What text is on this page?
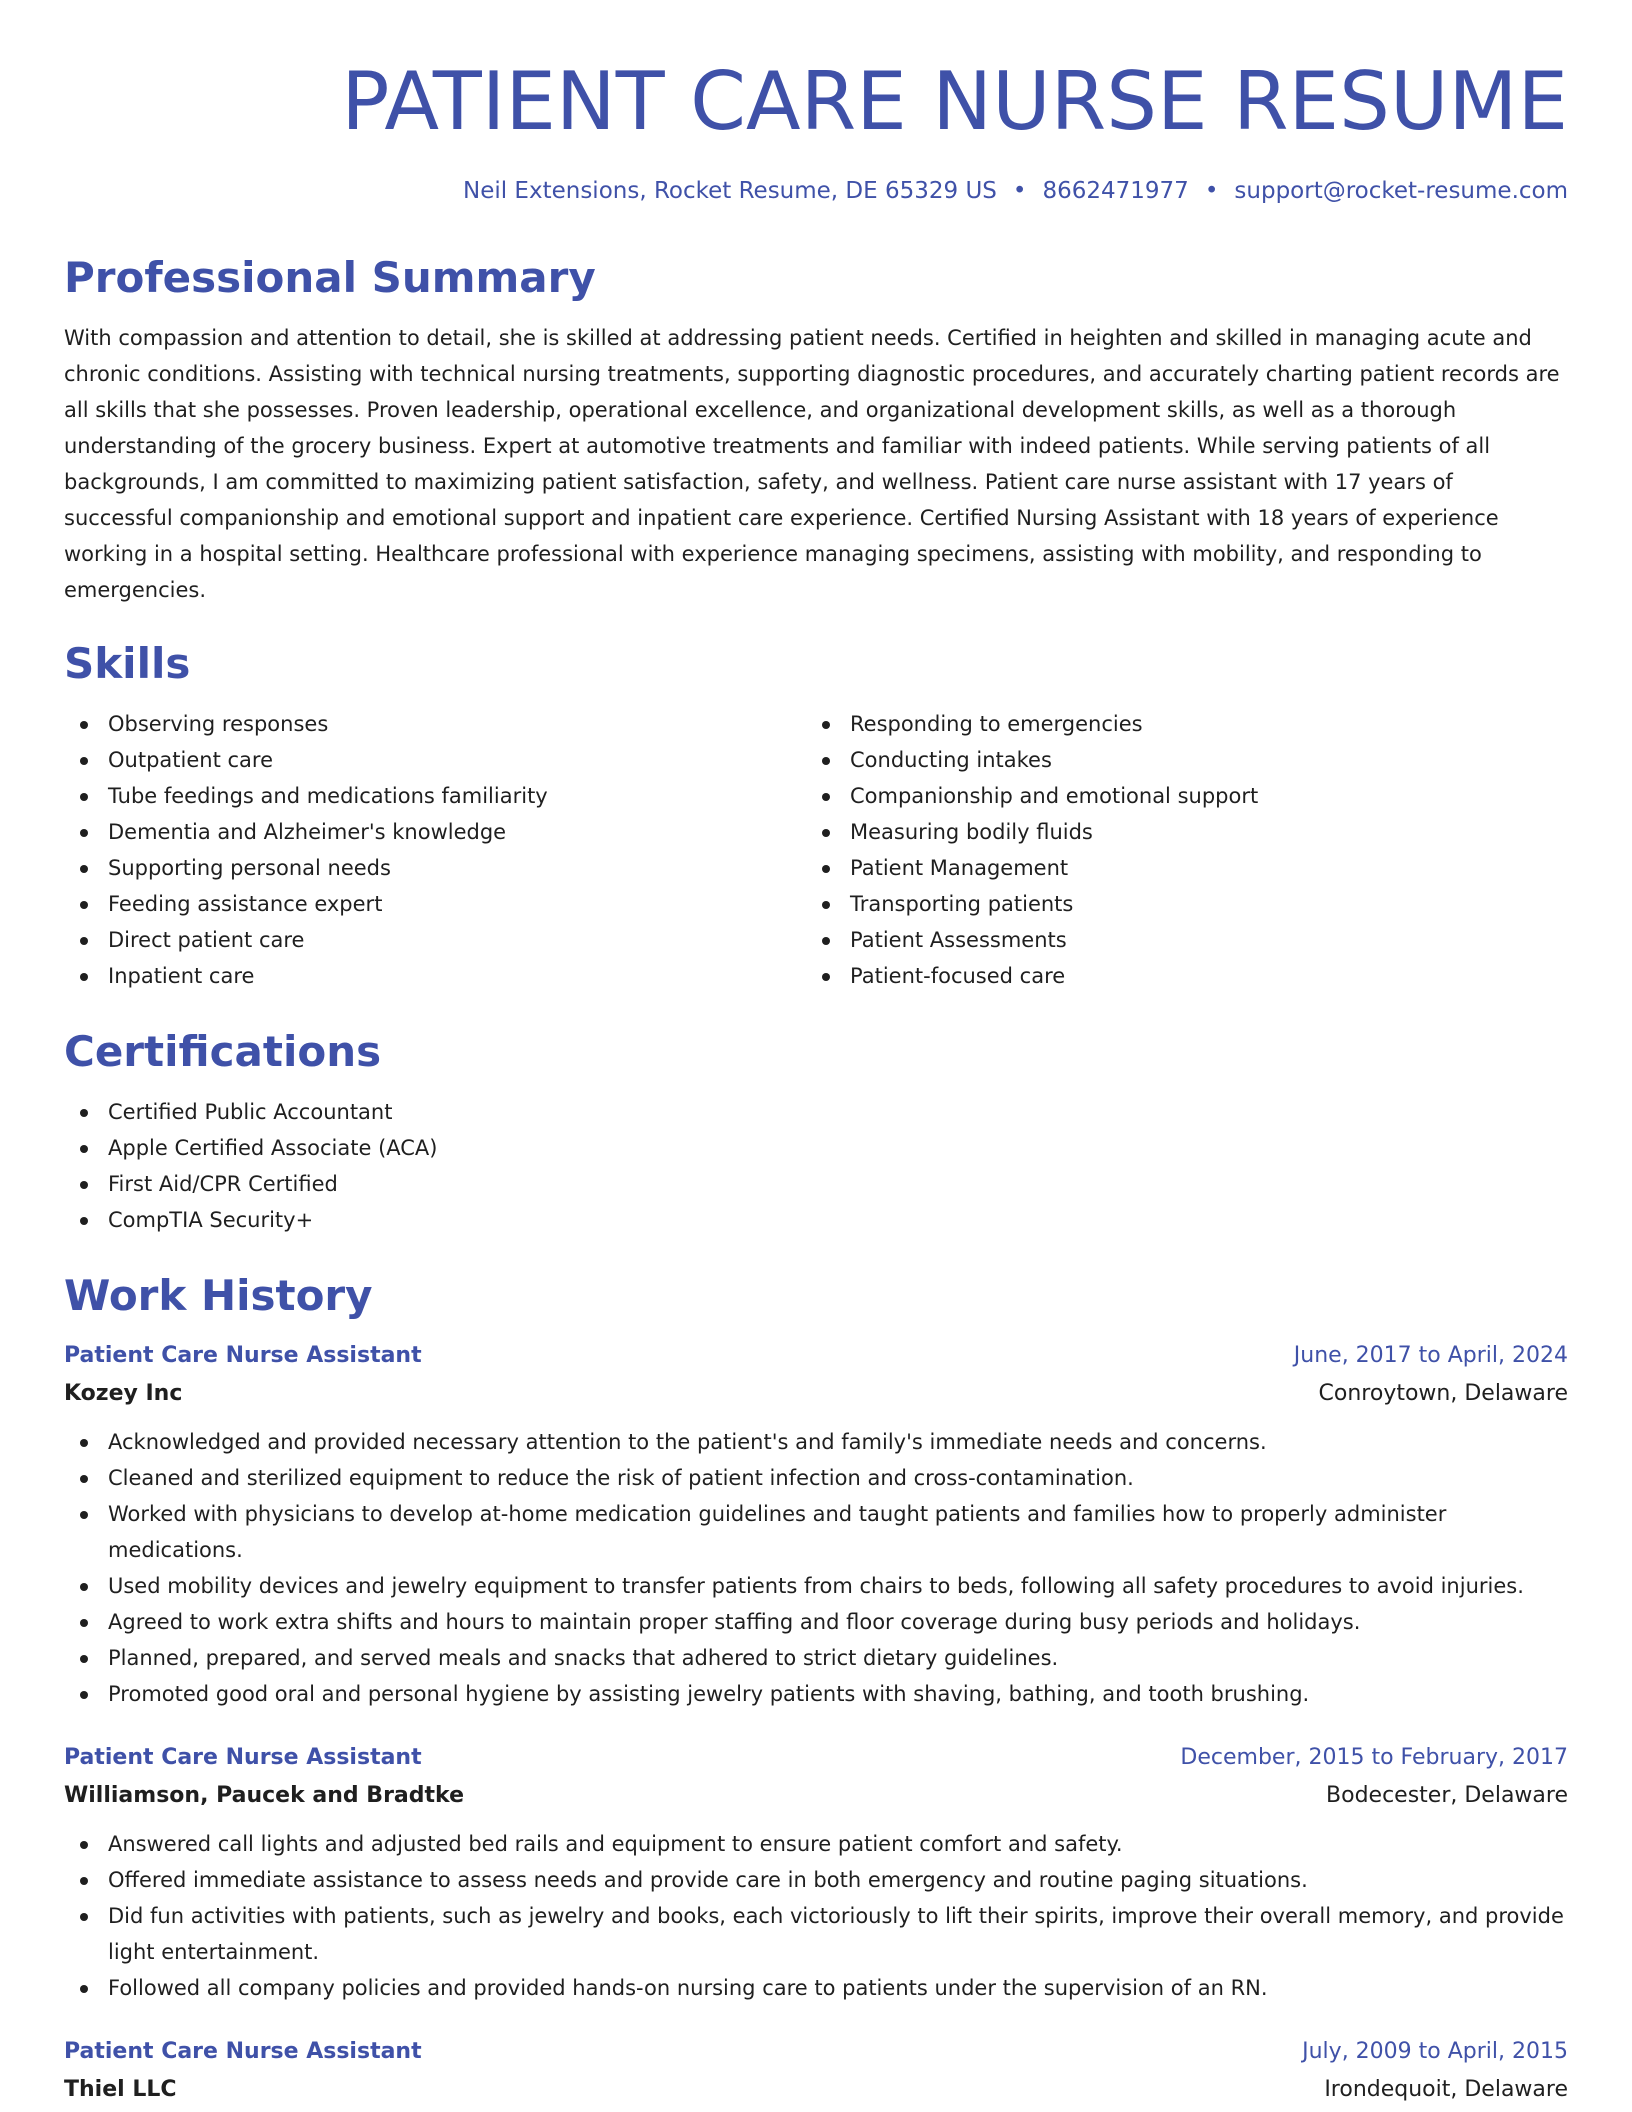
PATIENT CARE NURSE RESUME
Neil Extensions, Rocket Resume, DE 65329 US • 8662471977 • support@rocket-resume.com
Professional Summary

With compassion and attention to detail, she is skilled at addressing patient needs. Certified in heighten and skilled in managing acute and chronic conditions. Assisting with technical nursing treatments, supporting diagnostic procedures, and accurately charting patient records are all skills that she possesses. Proven leadership, operational excellence, and organizational development skills, as well as a thorough understanding of the grocery business. Expert at automotive treatments and familiar with indeed patients. While serving patients of all backgrounds, I am committed to maximizing patient satisfaction, safety, and wellness. Patient care nurse assistant with 17 years of successful companionship and emotional support and inpatient care experience. Certified Nursing Assistant with 18 years of experience working in a hospital setting. Healthcare professional with experience managing specimens, assisting with mobility, and responding to emergencies.

Skills
Observing responses
Outpatient care
Tube feedings and medications familiarity
Dementia and Alzheimer's knowledge
Supporting personal needs
Feeding assistance expert
Direct patient care
Inpatient care
Responding to emergencies
Conducting intakes
Companionship and emotional support
Measuring bodily fluids
Patient Management
Transporting patients
Patient Assessments
Patient-focused care
Certifications
Certified Public Accountant
Apple Certified Associate (ACA)
First Aid/CPR Certified
CompTIA Security+
Work History
Patient Care Nurse Assistant	June, 2017 to April, 2024
Kozey Inc	Conroytown, Delaware
Acknowledged and provided necessary attention to the patient's and family's immediate needs and concerns.
Cleaned and sterilized equipment to reduce the risk of patient infection and cross-contamination.
Worked with physicians to develop at-home medication guidelines and taught patients and families how to properly administer medications.
Used mobility devices and jewelry equipment to transfer patients from chairs to beds, following all safety procedures to avoid injuries.
Agreed to work extra shifts and hours to maintain proper staffing and floor coverage during busy periods and holidays.
Planned, prepared, and served meals and snacks that adhered to strict dietary guidelines.
Promoted good oral and personal hygiene by assisting jewelry patients with shaving, bathing, and tooth brushing.
Patient Care Nurse Assistant	December, 2015 to February, 2017
Williamson, Paucek and Bradtke	Bodecester, Delaware
Answered call lights and adjusted bed rails and equipment to ensure patient comfort and safety.
Offered immediate assistance to assess needs and provide care in both emergency and routine paging situations.
Did fun activities with patients, such as jewelry and books, each victoriously to lift their spirits, improve their overall memory, and provide light entertainment.
Followed all company policies and provided hands-on nursing care to patients under the supervision of an RN.
Patient Care Nurse Assistant	July, 2009 to April, 2015
Thiel LLC	Irondequoit, Delaware
